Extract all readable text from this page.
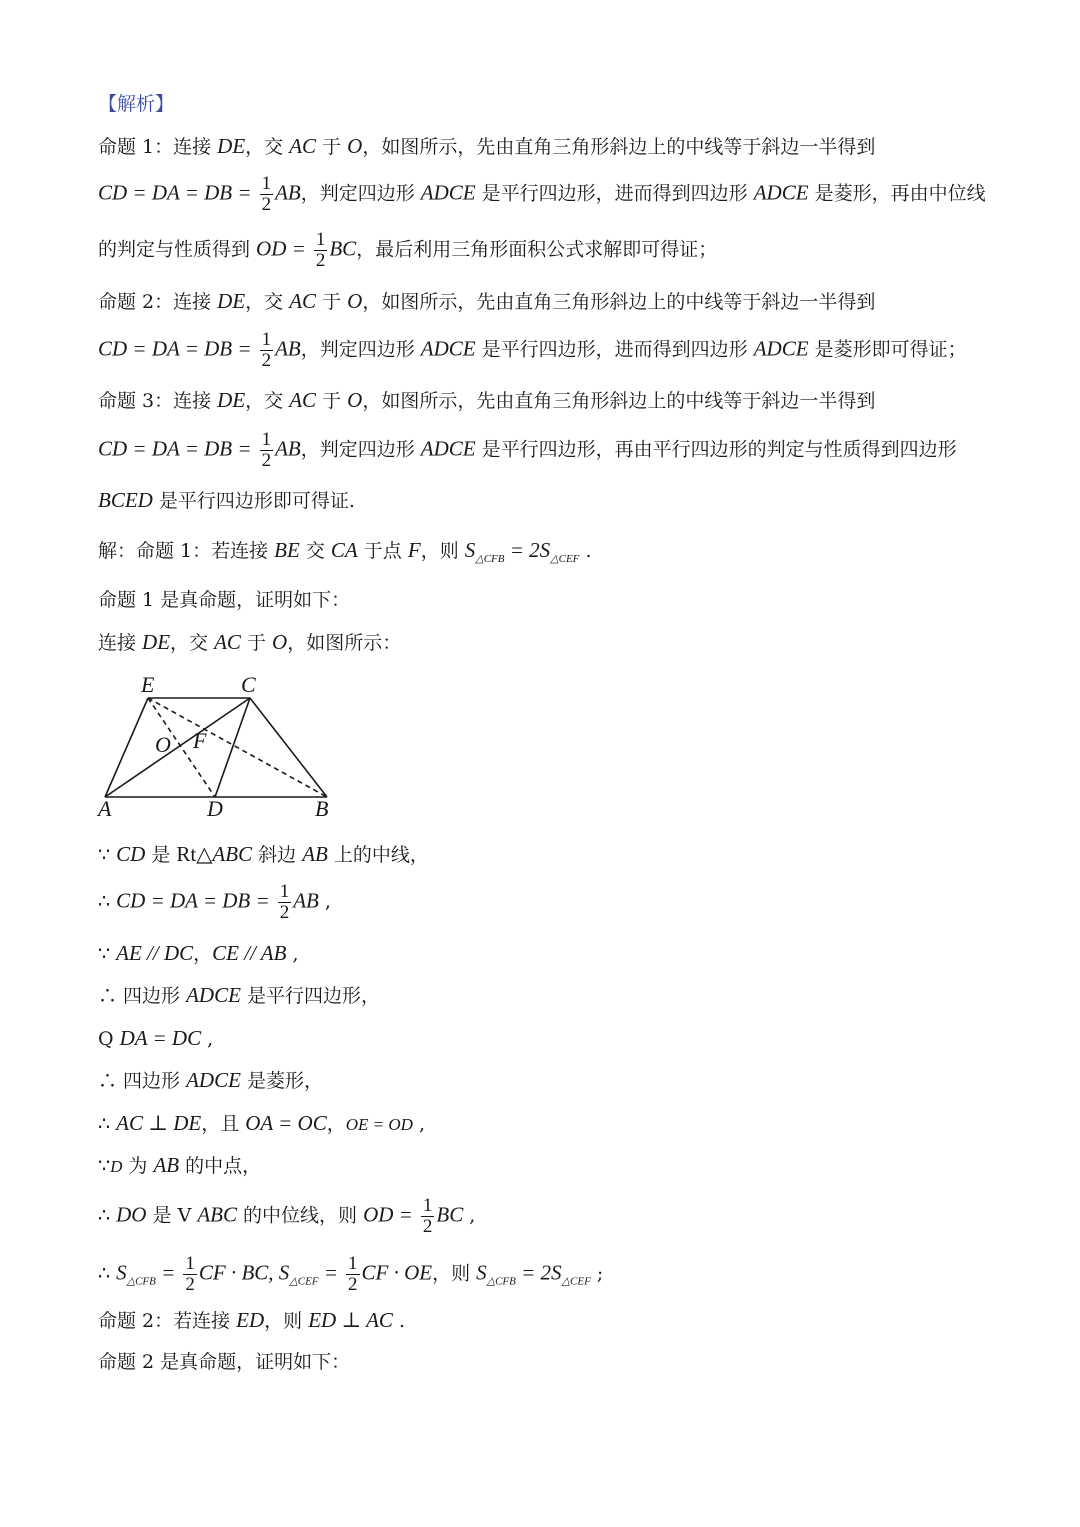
【解析】
命题 1：连接 DE，交 AC 于 O，如图所示，先由直角三角形斜边上的中线等于斜边一半得到
CD = DA = DB = $\frac{1}{2}$ AB，判定四边形 ADCE 是平行四边形，进而得到四边形 ADCE 是菱形，再由中位线
的判定与性质得到 OD = $\frac{1}{2}$ BC，最后利用三角形面积公式求解即可得证；
命题 2：连接 DE，交 AC 于 O，如图所示，先由直角三角形斜边上的中线等于斜边一半得到
CD = DA = DB = $\frac{1}{2}$ AB，判定四边形 ADCE 是平行四边形，进而得到四边形 ADCE 是菱形即可得证；
命题 3：连接 DE，交 AC 于 O，如图所示，先由直角三角形斜边上的中线等于斜边一半得到
CD = DA = DB = $\frac{1}{2}$ AB，判定四边形 ADCE 是平行四边形，再由平行四边形的判定与性质得到四边形
BCED 是平行四边形即可得证.
解：命题 1：若连接 BE 交 CA 于点 F，则 $S_{\triangle CFB} = 2S_{\triangle CEF}$ .
命题 1 是真命题，证明如下：
连接 DE，交 AC 于 O，如图所示：
E	C
O F
A	D	B
∵ CD 是 Rt△ABC 斜边 AB 上的中线，
∴ CD = DA = DB = $\frac{1}{2}$ AB ,
∵ AE // DC，CE // AB ,
∴ 四边形 ADCE 是平行四边形，
Q DA = DC ,
∴ 四边形 ADCE 是菱形，
∴ AC ⊥ DE，且 OA = OC，OE = OD ,
∵D 为 AB 的中点，
∴ DO 是 V ABC 的中位线，则 OD = $\frac{1}{2}$ BC ,
∴ $S_{\triangle CFB} = \frac{1}{2}$ CF · BC, $S_{\triangle CEF} = \frac{1}{2}$ CF · OE，则 $S_{\triangle CFB} = 2S_{\triangle CEF}$ ;
命题 2：若连接 ED，则 ED ⊥ AC .
命题 2 是真命题，证明如下：
